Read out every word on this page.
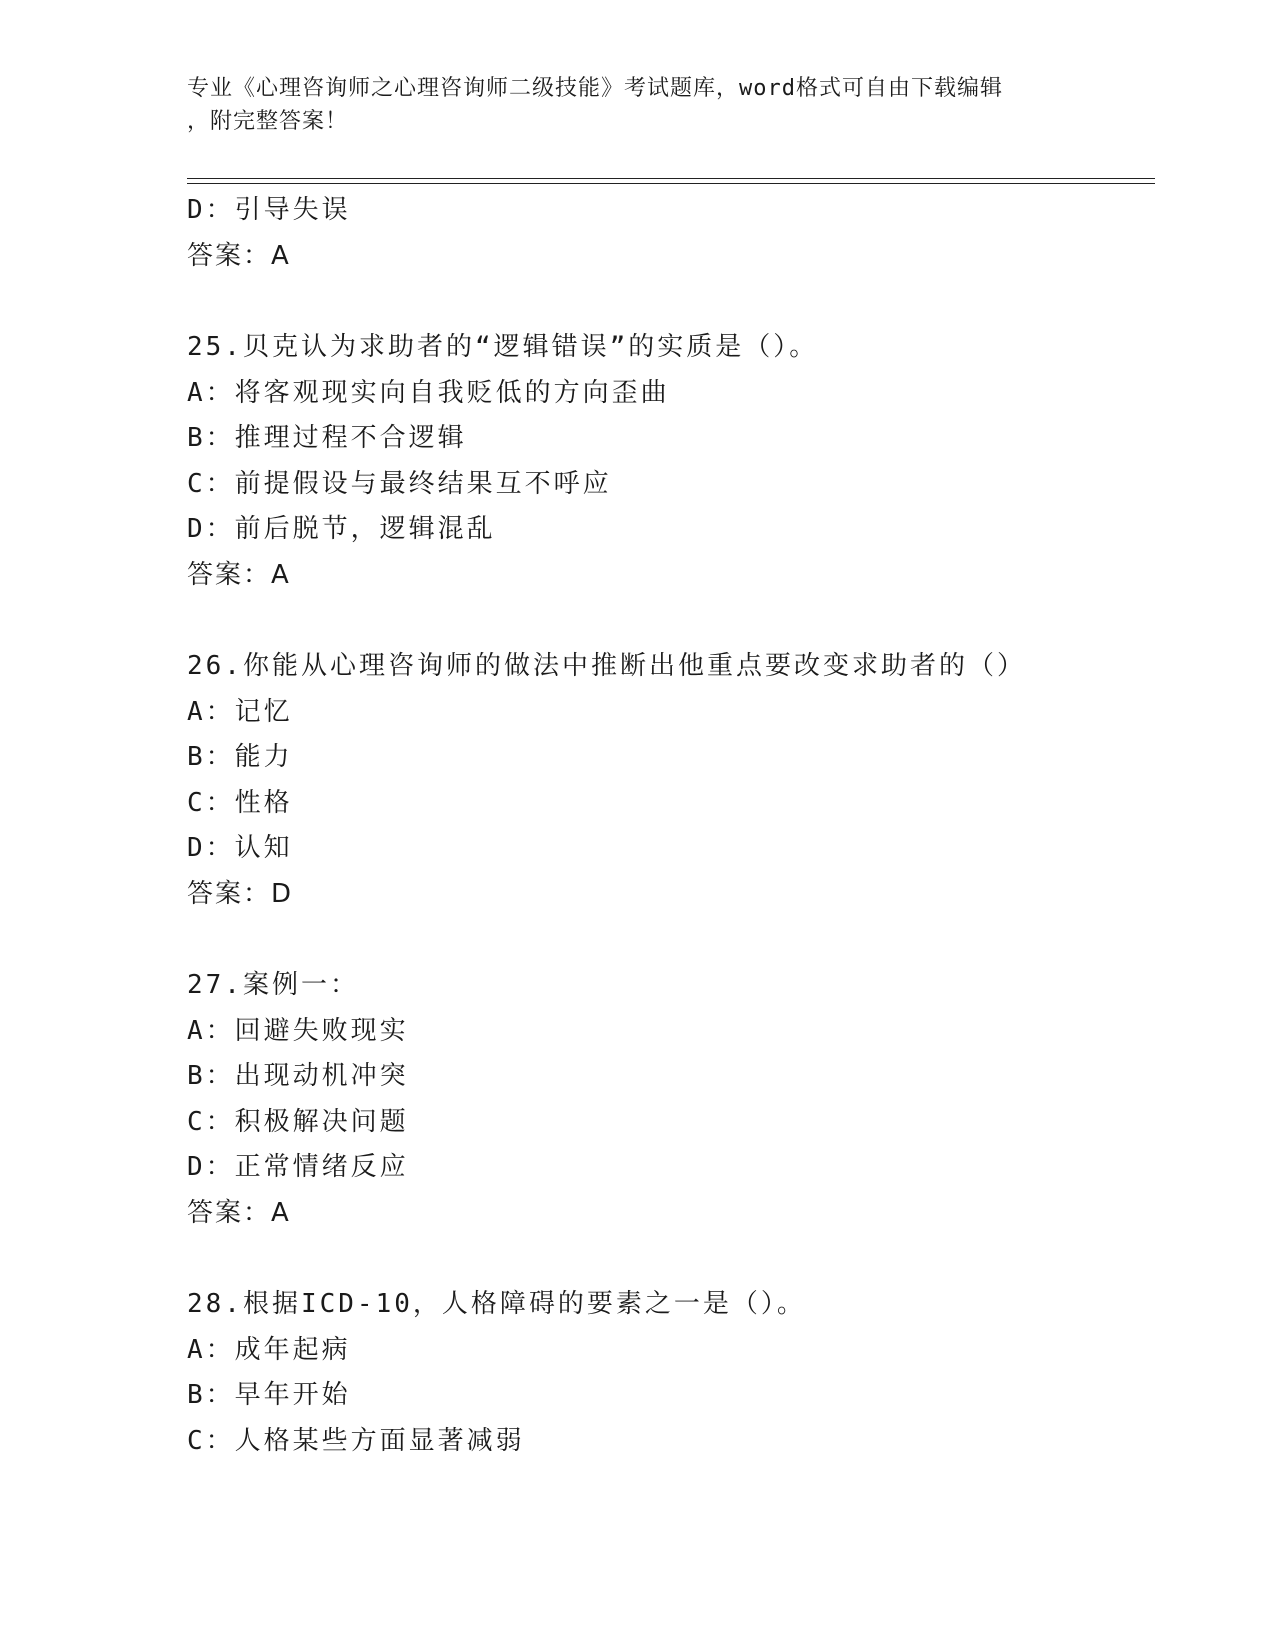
专业《心理咨询师之心理咨询师二级技能》考试题库，word格式可自由下载编辑
，附完整答案！
D：引导失误
答案：A
25.贝克认为求助者的“逻辑错误”的实质是（）。
A：将客观现实向自我贬低的方向歪曲
B：推理过程不合逻辑
C：前提假设与最终结果互不呼应
D：前后脱节，逻辑混乱
答案：A
26.你能从心理咨询师的做法中推断出他重点要改变求助者的（）
A：记忆
B：能力
C：性格
D：认知
答案：D
27.案例一：
A：回避失败现实
B：出现动机冲突
C：积极解决问题
D：正常情绪反应
答案：A
28.根据ICD-10，人格障碍的要素之一是（）。
A：成年起病
B：早年开始
C：人格某些方面显著减弱
